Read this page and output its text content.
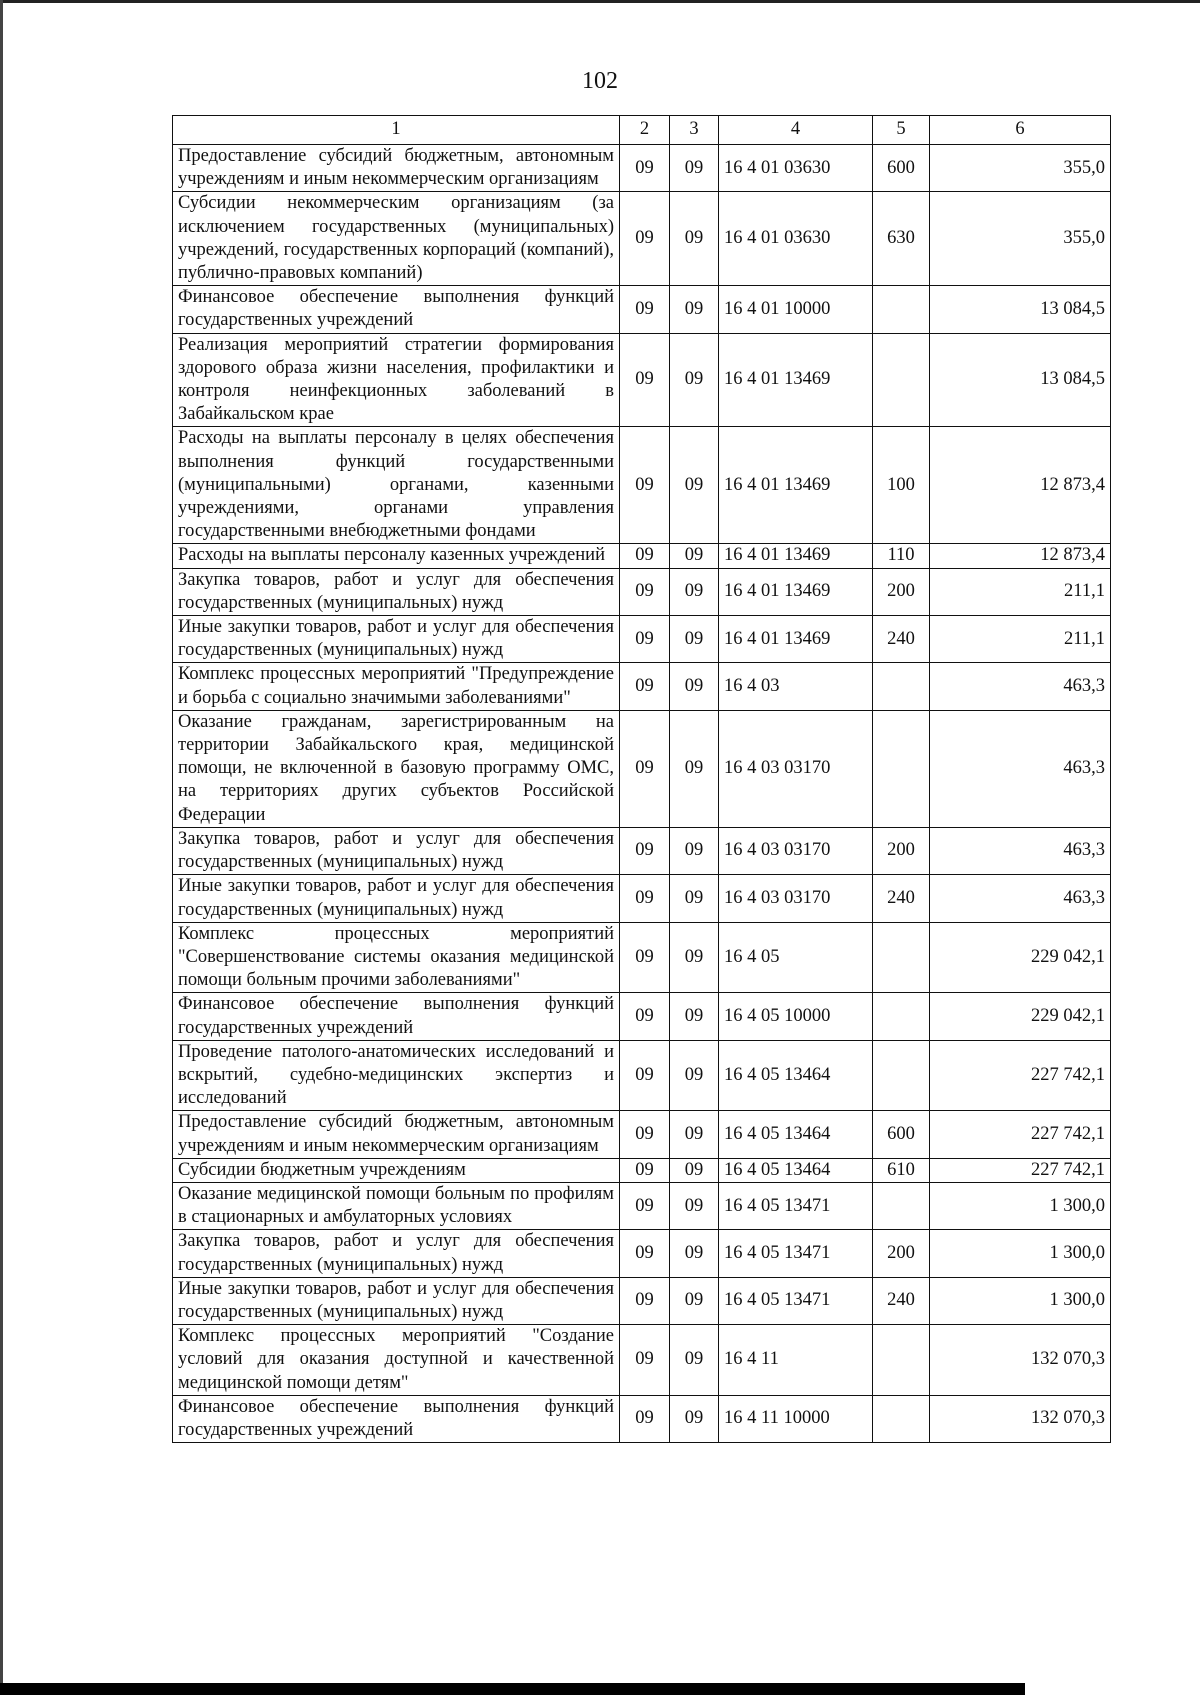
102
1	2	3	4	5	6
Предоставление субсидий бюджетным, автономным учреждениям и иным некоммерческим организациям	09	09	16 4 01 03630	600	355,0
Субсидии некоммерческим организациям (за исключением государственных (муниципальных) учреждений, государственных корпораций (компаний), публично-правовых компаний)	09	09	16 4 01 03630	630	355,0
Финансовое обеспечение выполнения функций государственных учреждений	09	09	16 4 01 10000		13 084,5
Реализация мероприятий стратегии формирования здорового образа жизни населения, профилактики и контроля неинфекционных заболеваний в Забайкальском крае	09	09	16 4 01 13469		13 084,5
Расходы на выплаты персоналу в целях обеспечения выполнения функций государственными (муниципальными) органами, казенными учреждениями, органами управления государственными внебюджетными фондами	09	09	16 4 01 13469	100	12 873,4
Расходы на выплаты персоналу казенных учреждений	09	09	16 4 01 13469	110	12 873,4
Закупка товаров, работ и услуг для обеспечения государственных (муниципальных) нужд	09	09	16 4 01 13469	200	211,1
Иные закупки товаров, работ и услуг для обеспечения государственных (муниципальных) нужд	09	09	16 4 01 13469	240	211,1
Комплекс процессных мероприятий "Предупреждение и борьба с социально значимыми заболеваниями"	09	09	16 4 03		463,3
Оказание гражданам, зарегистрированным на территории Забайкальского края, медицинской помощи, не включенной в базовую программу ОМС, на территориях других субъектов Российской Федерации	09	09	16 4 03 03170		463,3
Закупка товаров, работ и услуг для обеспечения государственных (муниципальных) нужд	09	09	16 4 03 03170	200	463,3
Иные закупки товаров, работ и услуг для обеспечения государственных (муниципальных) нужд	09	09	16 4 03 03170	240	463,3
Комплекс процессных мероприятий "Совершенствование системы оказания медицинской помощи больным прочими заболеваниями"	09	09	16 4 05		229 042,1
Финансовое обеспечение выполнения функций государственных учреждений	09	09	16 4 05 10000		229 042,1
Проведение патолого-анатомических исследований и вскрытий, судебно-медицинских экспертиз и исследований	09	09	16 4 05 13464		227 742,1
Предоставление субсидий бюджетным, автономным учреждениям и иным некоммерческим организациям	09	09	16 4 05 13464	600	227 742,1
Субсидии бюджетным учреждениям	09	09	16 4 05 13464	610	227 742,1
Оказание медицинской помощи больным по профилям в стационарных и амбулаторных условиях	09	09	16 4 05 13471		1 300,0
Закупка товаров, работ и услуг для обеспечения государственных (муниципальных) нужд	09	09	16 4 05 13471	200	1 300,0
Иные закупки товаров, работ и услуг для обеспечения государственных (муниципальных) нужд	09	09	16 4 05 13471	240	1 300,0
Комплекс процессных мероприятий "Создание условий для оказания доступной и качественной медицинской помощи детям"	09	09	16 4 11		132 070,3
Финансовое обеспечение выполнения функций государственных учреждений	09	09	16 4 11 10000		132 070,3
